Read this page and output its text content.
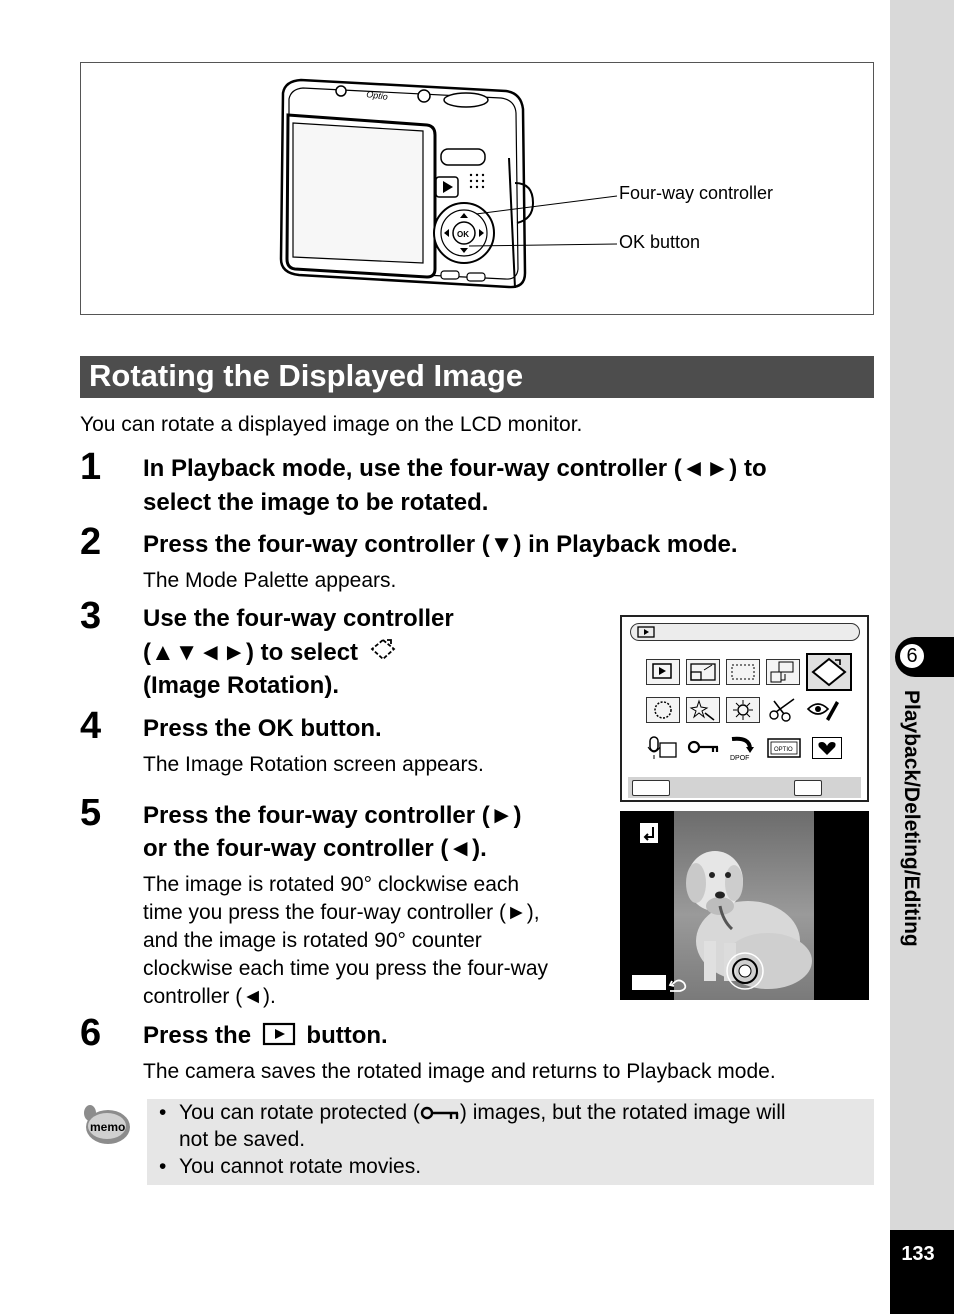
Optio
OK
Four-way controller
OK button
Rotating the Displayed Image
You can rotate a displayed image on the LCD monitor.
1 In Playback mode, use the four-way controller (◄►) to
select the image to be rotated.
2 Press the four-way controller (▼) in Playback mode.
The Mode Palette appears.
3 Use the four-way controller
(▲▼◄►) to select
(Image Rotation).
4 Press the OK button.
The Image Rotation screen appears.
5 Press the four-way controller (►)
or the four-way controller (◄).
The image is rotated 90° clockwise each
time you press the four-way controller (►),
and the image is rotated 90° counter
clockwise each time you press the four-way
controller (◄).
6 Press the button.
The camera saves the rotated image and returns to Playback mode.
DPOF
OPTIO
memo
• You can rotate protected ( ) images, but the rotated image will
not be saved.
• You cannot rotate movies.
6
Playback/Deleting/Editing
133
